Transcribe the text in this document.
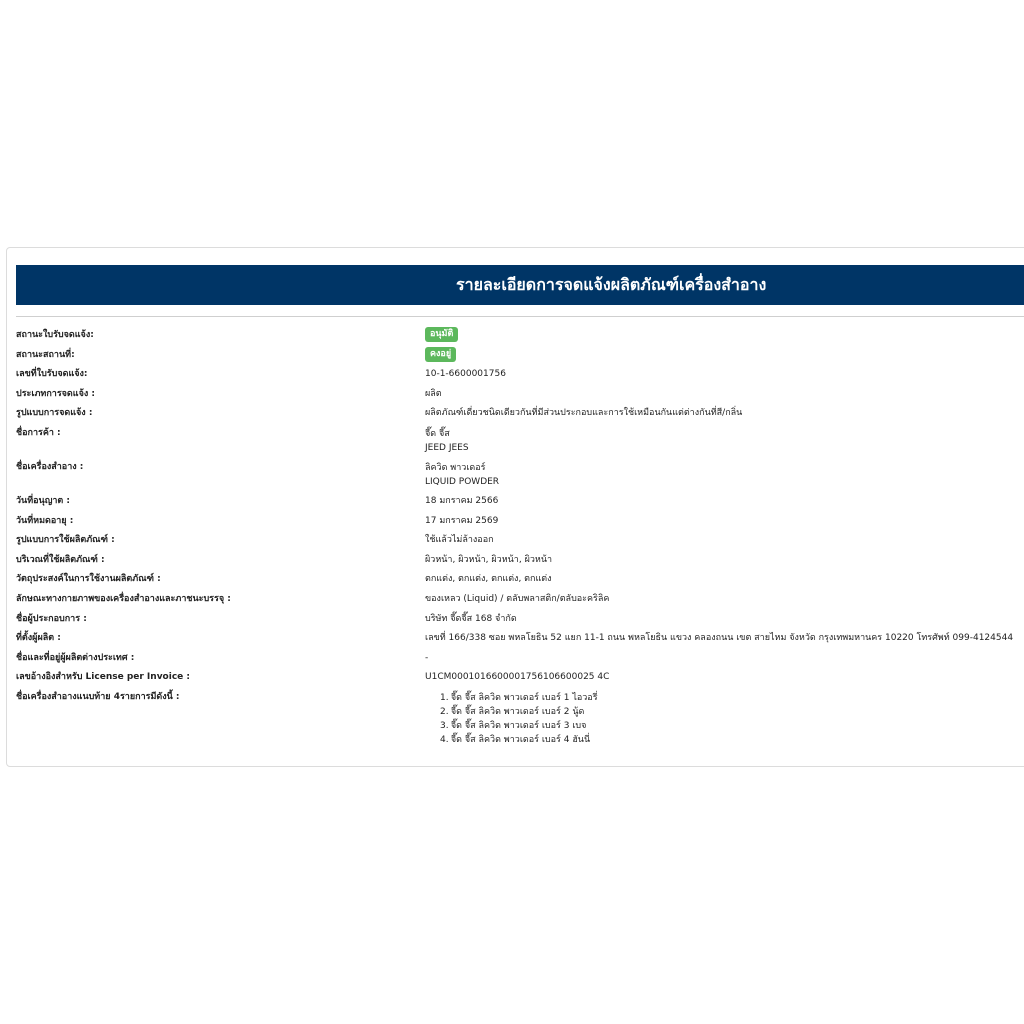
รายละเอียดการจดแจ้งผลิตภัณฑ์เครื่องสำอาง
สถานะใบรับจดแจ้ง:	อนุมัติ
สถานะสถานที่:	คงอยู่
เลขที่ใบรับจดแจ้ง:	10-1-6600001756
ประเภทการจดแจ้ง :	ผลิต
รูปแบบการจดแจ้ง :	ผลิตภัณฑ์เดี่ยวชนิดเดียวกันที่มีส่วนประกอบและการใช้เหมือนกันแต่ต่างกันที่สี/กลิ่น
ชื่อการค้า :	จี๊ด จี๊ส
JEED JEES
ชื่อเครื่องสำอาง :	ลิควิด พาวเดอร์
LIQUID POWDER
วันที่อนุญาต :	18 มกราคม 2566
วันที่หมดอายุ :	17 มกราคม 2569
รูปแบบการใช้ผลิตภัณฑ์ :	ใช้แล้วไม่ล้างออก
บริเวณที่ใช้ผลิตภัณฑ์ :	ผิวหน้า, ผิวหน้า, ผิวหน้า, ผิวหน้า
วัตถุประสงค์ในการใช้งานผลิตภัณฑ์ :	ตกแต่ง, ตกแต่ง, ตกแต่ง, ตกแต่ง
ลักษณะทางกายภาพของเครื่องสำอางและภาชนะบรรจุ :	ของเหลว (Liquid) / ตลับพลาสติก/ตลับอะคริลิค
ชื่อผู้ประกอบการ :	บริษัท จี๊ดจี๊ส 168 จำกัด
ที่ตั้งผู้ผลิต :	เลขที่ 166/338 ซอย พหลโยธิน 52 แยก 11-1 ถนน พหลโยธิน แขวง คลองถนน เขต สายไหม จังหวัด กรุงเทพมหานคร 10220 โทรศัพท์ 099-4124544
ชื่อและที่อยู่ผู้ผลิตต่างประเทศ :	-
เลขอ้างอิงสำหรับ License per Invoice :	U1CM0001016600001756106600025 4C
ชื่อเครื่องสำอางแนบท้าย 4รายการมีดังนี้ :	1. จี๊ด จี๊ส ลิควิด พาวเดอร์ เบอร์ 1 ไอวอรี่
2. จี๊ด จี๊ส ลิควิด พาวเดอร์ เบอร์ 2 นู้ด
3. จี๊ด จี๊ส ลิควิด พาวเดอร์ เบอร์ 3 เบจ
4. จี๊ด จี๊ส ลิควิด พาวเดอร์ เบอร์ 4 ฮันนี่
